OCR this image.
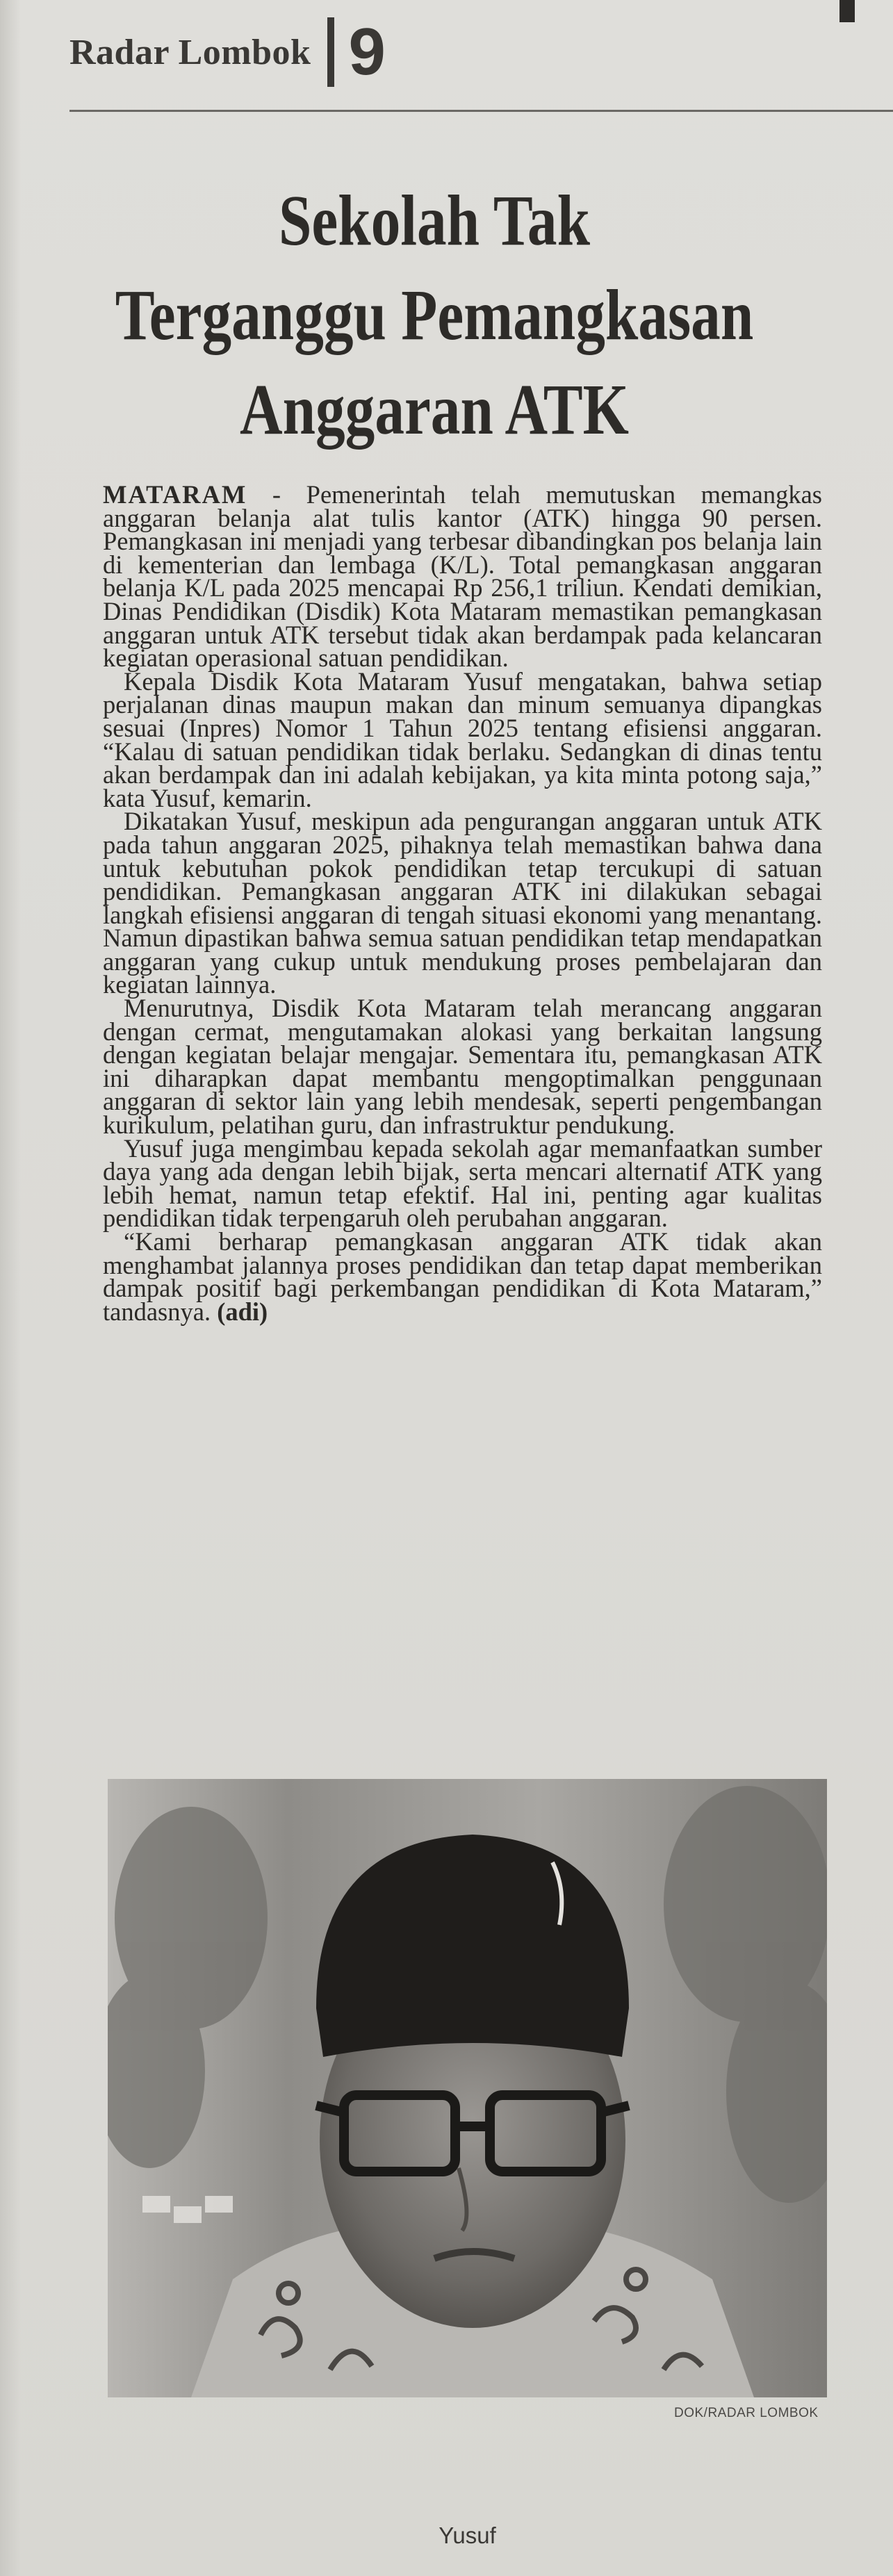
Radar Lombok 9
Sekolah Tak
Terganggu Pemangkasan
Anggaran ATK

MATARAM - Pemenerintah telah memutuskan memangkas anggaran belanja alat tulis kantor (ATK) hingga 90 persen. Pemangkasan ini menjadi yang terbesar dibandingkan pos belanja lain di kementerian dan lembaga (K/L). Total pemangkasan anggaran belanja K/L pada 2025 mencapai Rp 256,1 triliun. Kendati demikian, Dinas Pendidikan (Disdik) Kota Mataram memastikan pemangkasan anggaran untuk ATK tersebut tidak akan berdampak pada kelancaran kegiatan operasional satuan pendidikan.

Kepala Disdik Kota Mataram Yusuf mengatakan, bahwa setiap perjalanan dinas maupun makan dan minum semuanya dipangkas sesuai (Inpres) Nomor 1 Tahun 2025 tentang efisiensi anggaran. “Kalau di satuan pendidikan tidak berlaku. Sedangkan di dinas tentu akan berdampak dan ini adalah kebijakan, ya kita minta potong saja,” kata Yusuf, kemarin.

Dikatakan Yusuf, meskipun ada pengurangan anggaran untuk ATK pada tahun anggaran 2025, pihaknya telah memastikan bahwa dana untuk kebutuhan pokok pendidikan tetap tercukupi di satuan pendidikan. Pemangkasan anggaran ATK ini dilakukan sebagai langkah efisiensi anggaran di tengah situasi ekonomi yang menantang. Namun dipastikan bahwa semua satuan pendidikan tetap mendapatkan anggaran yang cukup untuk mendukung proses pembelajaran dan kegiatan lainnya.

Menurutnya, Disdik Kota Mataram telah merancang anggaran dengan cermat, mengutamakan alokasi yang berkaitan langsung dengan kegiatan belajar mengajar. Sementara itu, pemangkasan ATK ini diharapkan dapat membantu mengoptimalkan penggunaan anggaran di sektor lain yang lebih mendesak, seperti pengembangan kurikulum, pelatihan guru, dan infrastruktur pendukung.

Yusuf juga mengimbau kepada sekolah agar memanfaatkan sumber daya yang ada dengan lebih bijak, serta mencari alternatif ATK yang lebih hemat, namun tetap efektif. Hal ini, penting agar kualitas pendidikan tidak terpengaruh oleh perubahan anggaran.

“Kami berharap pemangkasan anggaran ATK tidak akan menghambat jalannya proses pendidikan dan tetap dapat memberikan dampak positif bagi perkembangan pendidikan di Kota Mataram,” tandasnya. (adi)

DOK/RADAR LOMBOK
Yusuf
